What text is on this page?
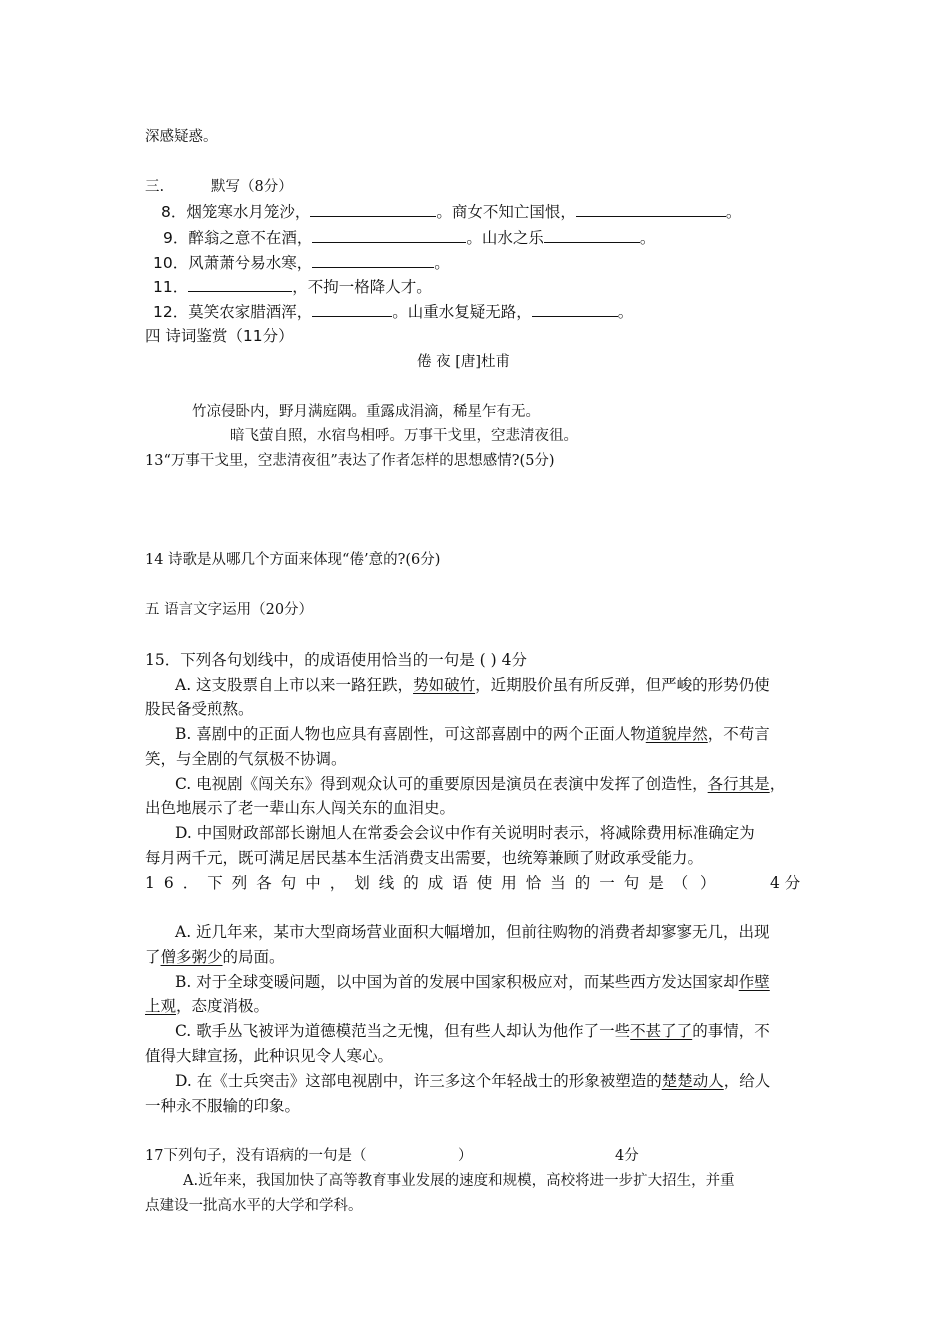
深感疑惑。
三.	默写（8分）
8．烟笼寒水月笼沙，	。商女不知亡国恨，	。
9．醉翁之意不在酒，	。山水之乐	。
10．风萧萧兮易水寒，	。
11．	，不拘一格降人才。
12．莫笑农家腊酒浑，	。山重水复疑无路，	。
四 诗词鉴赏（11分）
倦 夜 [唐]杜甫
竹凉侵卧内，野月满庭隅。重露成涓滴，稀星乍有无。
暗飞萤自照，水宿鸟相呼。万事干戈里，空悲清夜徂。
13“万事干戈里，空悲清夜徂”表达了作者怎样的思想感情?(5分)
14 诗歌是从哪几个方面来体现“倦’意的?(6分)
五 语言文字运用（20分）
15．下列各句划线中，的成语使用恰当的一句是 ( ) 4分
A. 这支股票自上市以来一路狂跌，势如破竹，近期股价虽有所反弹，但严峻的形势仍使
股民备受煎熬。
B. 喜剧中的正面人物也应具有喜剧性，可这部喜剧中的两个正面人物道貌岸然，不苟言
笑，与全剧的气氛极不协调。
C. 电视剧《闯关东》得到观众认可的重要原因是演员在表演中发挥了创造性，各行其是，
出色地展示了老一辈山东人闯关东的血泪史。
D. 中国财政部部长谢旭人在常委会会议中作有关说明时表示，将减除费用标准确定为
每月两千元，既可满足居民基本生活消费支出需要，也统筹兼顾了财政承受能力。
16．下列各句中，划线的成语使用恰当的一句是（ ）	4 分
A. 近几年来，某市大型商场营业面积大幅增加，但前往购物的消费者却寥寥无几，出现
了僧多粥少的局面。
B. 对于全球变暖问题，以中国为首的发展中国家积极应对，而某些西方发达国家却作壁
上观，态度消极。
C. 歌手丛飞被评为道德模范当之无愧，但有些人却认为他作了一些不甚了了的事情，不
值得大肆宣扬，此种识见令人寒心。
D. 在《士兵突击》这部电视剧中，许三多这个年轻战士的形象被塑造的楚楚动人，给人
一种永不服输的印象。
17下列句子，没有语病的一句是（	）	4分
A.近年来，我国加快了高等教育事业发展的速度和规模，高校将进一步扩大招生，并重
点建设一批高水平的大学和学科。
